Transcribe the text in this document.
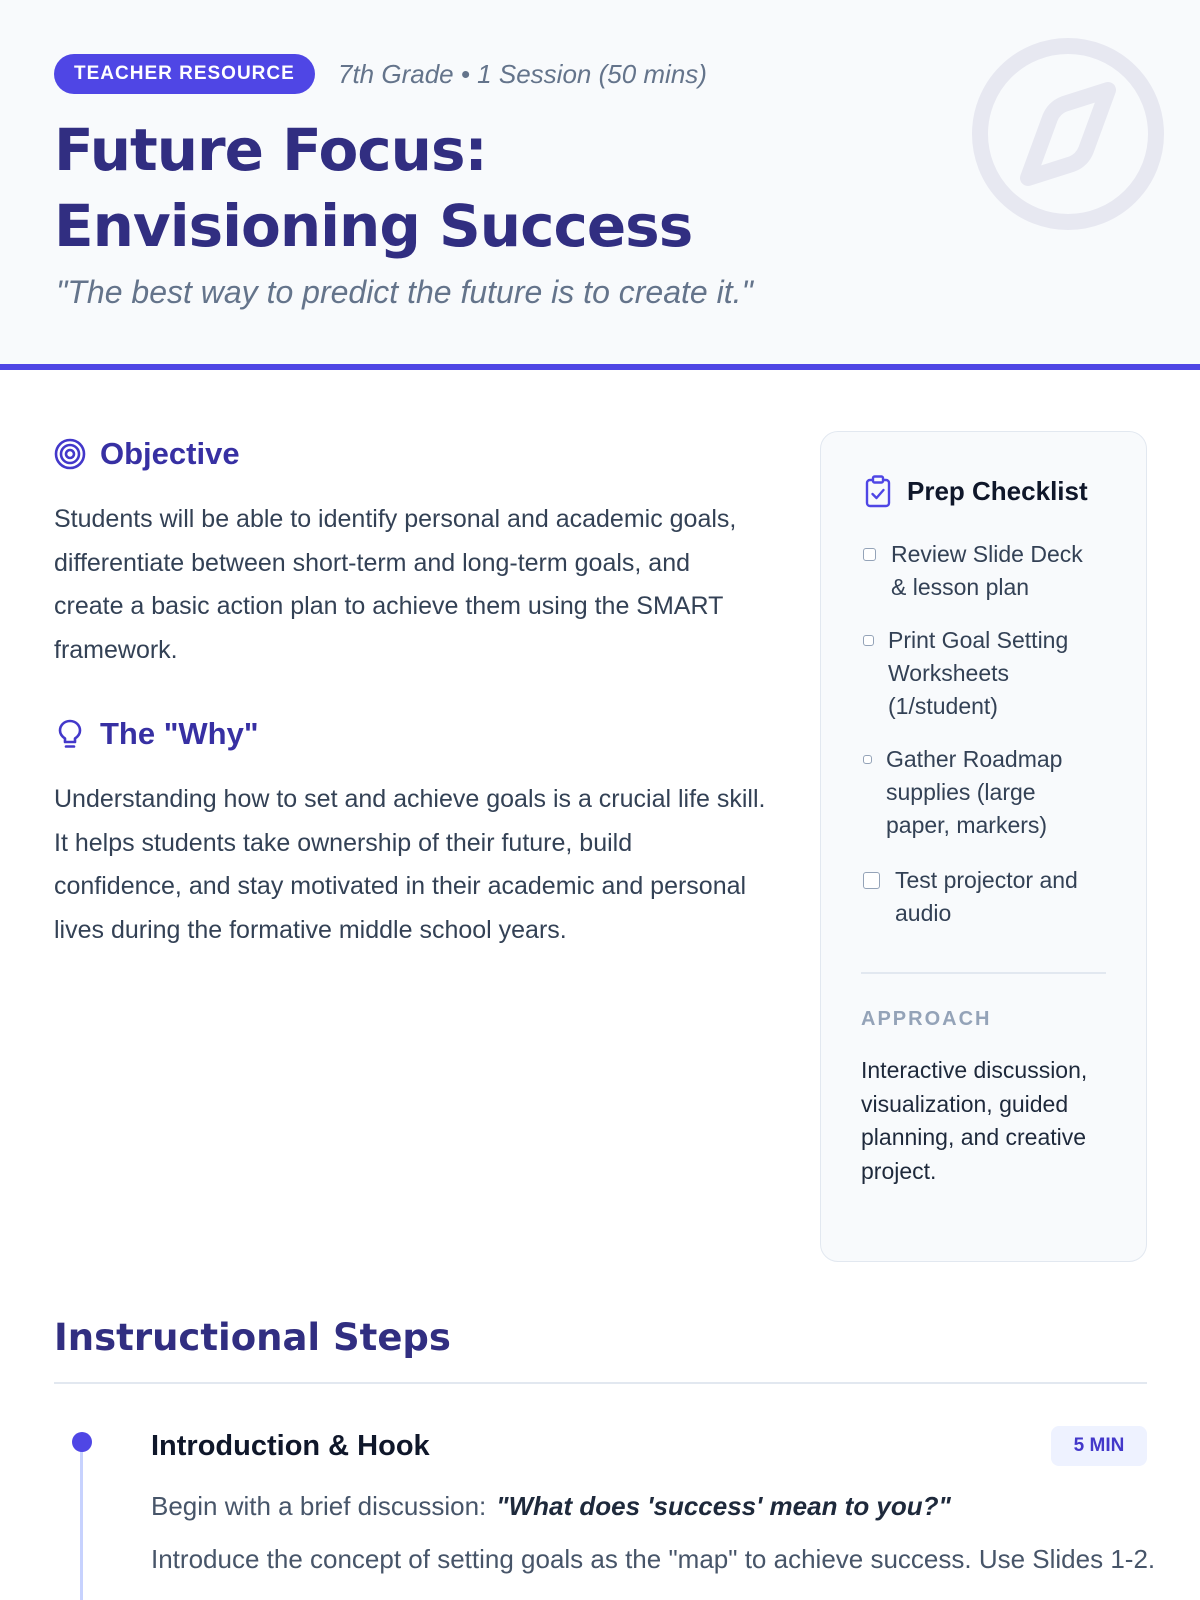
TEACHER RESOURCE	7th Grade • 1 Session (50 mins)
Future Focus:
Envisioning Success
"The best way to predict the future is to create it."
Objective
Students will be able to identify personal and academic goals, differentiate between short-term and long-term goals, and create a basic action plan to achieve them using the SMART framework.
The "Why"
Understanding how to set and achieve goals is a crucial life skill. It helps students take ownership of their future, build confidence, and stay motivated in their academic and personal lives during the formative middle school years.
Prep Checklist
Review Slide Deck & lesson plan
Print Goal Setting Worksheets (1/student)
Gather Roadmap supplies (large paper, markers)
Test projector and audio
APPROACH
Interactive discussion, visualization, guided planning, and creative project.
Instructional Steps
Introduction & Hook	5 MIN
Begin with a brief discussion: "What does 'success' mean to you?"
Introduce the concept of setting goals as the "map" to achieve success. Use Slides 1-2.
